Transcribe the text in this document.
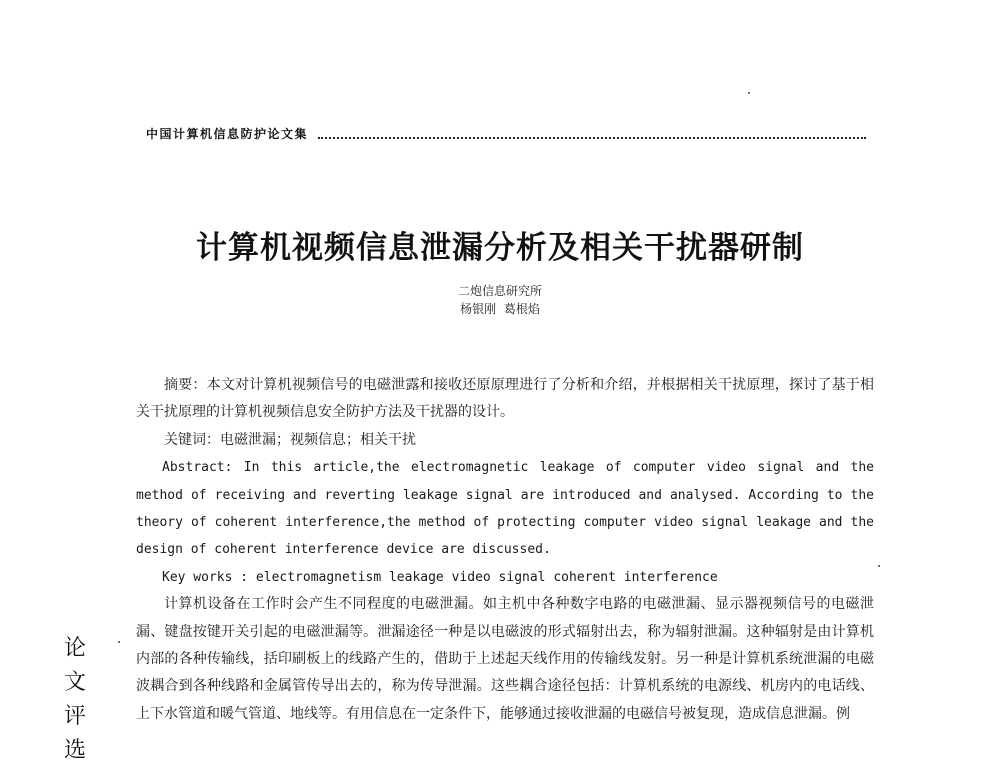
中国计算机信息防护论文集
计算机视频信息泄漏分析及相关干扰器研制
二炮信息研究所
杨银刚 葛根焰

摘要：本文对计算机视频信号的电磁泄露和接收还原原理进行了分析和介绍，并根据相关干扰原理，探讨了基于相关干扰原理的计算机视频信息安全防护方法及干扰器的设计。

关键词：电磁泄漏；视频信息；相关干扰

Abstract: In this article,the electromagnetic leakage of computer video signal and the method of receiving and reverting leakage signal are introduced and analysed. According to the theory of coherent interference,the method of protecting computer video signal leakage and the design of coherent interference device are discussed.

Key works : electromagnetism leakage video signal coherent interference

计算机设备在工作时会产生不同程度的电磁泄漏。如主机中各种数字电路的电磁泄漏、显示器视频信号的电磁泄漏、键盘按键开关引起的电磁泄漏等。泄漏途径一种是以电磁波的形式辐射出去，称为辐射泄漏。这种辐射是由计算机内部的各种传输线，括印刷板上的线路产生的，借助于上述起天线作用的传输线发射。另一种是计算机系统泄漏的电磁波耦合到各种线路和金属管传导出去的，称为传导泄漏。这些耦合途径包括：计算机系统的电源线、机房内的电话线、上下水管道和暖气管道、地线等。有用信息在一定条件下，能够通过接收泄漏的电磁信号被复现，造成信息泄漏。例

论
文
评
选
